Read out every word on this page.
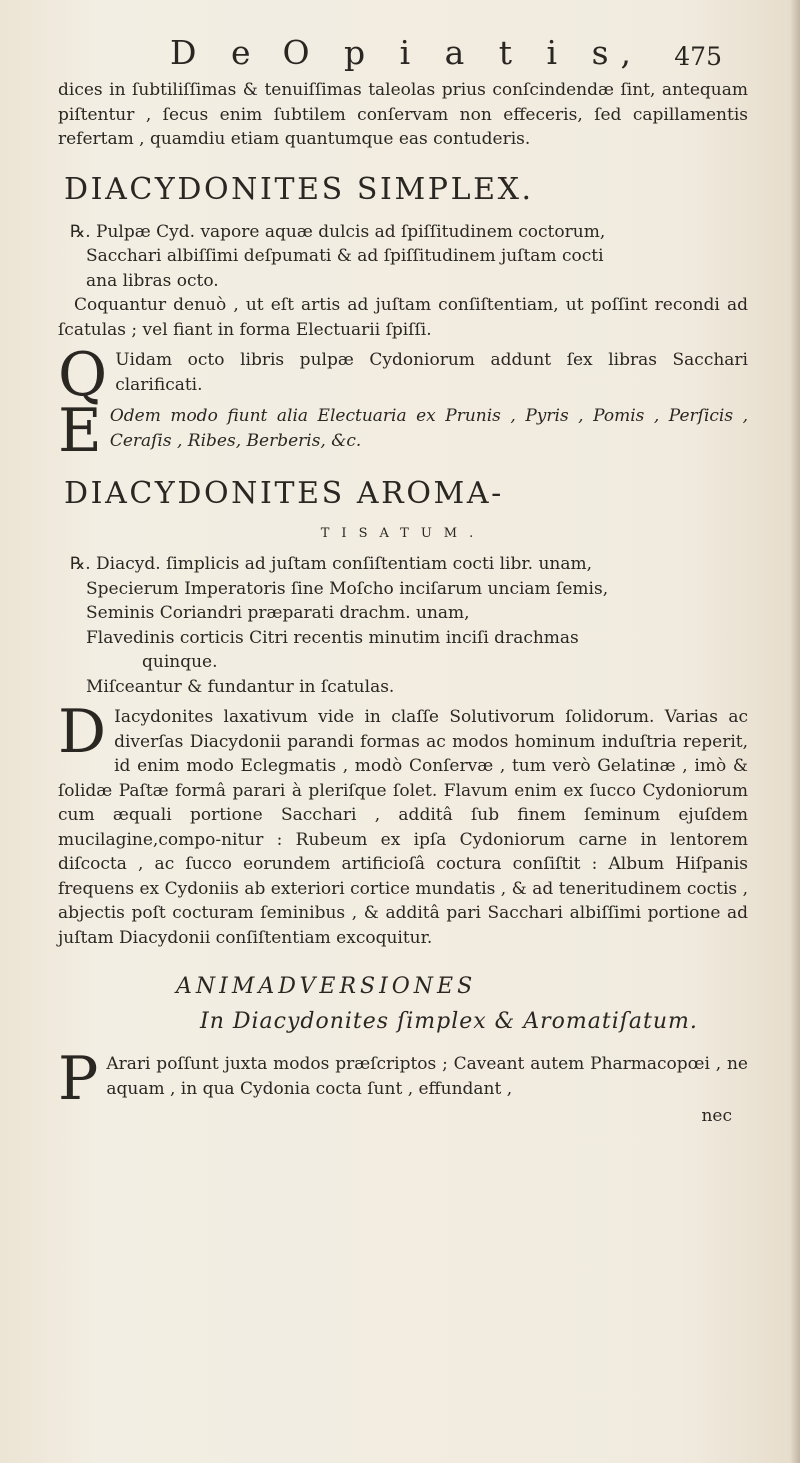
D e O p i a t i s, 475

dices in ſubtiliſſimas & tenuiſſimas taleolas prius conſcindendæ ſint, antequam piſtentur , ſecus enim ſubtilem conſervam non effeceris, ſed capillamentis refertam , quamdiu etiam quantumque eas contuderis.

DIACYDONITES SIMPLEX.

℞. Pulpæ Cyd. vapore aquæ dulcis ad ſpiſſitudinem coctorum,

Sacchari albiſſimi deſpumati & ad ſpiſſitudinem juſtam cocti

ana libras octo.

Coquantur denuò , ut eſt artis ad juſtam conſiſtentiam, ut poſſint recondi ad ſcatulas ; vel fiant in forma Electuarii ſpiſſi.

Q Uidam octo libris pulpæ Cydoniorum addunt ſex libras Sacchari clarificati.

E Odem modo fiunt alia Electuaria ex Prunis , Pyris , Pomis , Perſicis , Ceraſis , Ribes, Berberis, &c.

DIACYDONITES AROMA-
TISATUM.

℞. Diacyd. ſimplicis ad juſtam conſiſtentiam cocti libr. unam,

Specierum Imperatoris ſine Moſcho inciſarum unciam ſemis,

Seminis Coriandri præparati drachm. unam,

Flavedinis corticis Citri recentis minutim inciſi drachmas

quinque.

Miſceantur & fundantur in ſcatulas.

D Iacydonites laxativum vide in claſſe Solutivorum ſolidorum. Varias ac diverſas Diacydonii parandi formas ac modos hominum induſtria reperit, id enim modo Eclegmatis , modò Conſervæ , tum verò Gelatinæ , imò & ſolidæ Paſtæ formâ parari à pleriſque ſolet. Flavum enim ex ſucco Cydoniorum cum æquali portione Sacchari , additâ ſub finem ſeminum ejuſdem mucilagine,compo-nitur : Rubeum ex ipſa Cydoniorum carne in lentorem diſcocta , ac ſucco eorundem artificioſâ coctura conſiſtit : Album Hiſpanis frequens ex Cydoniis ab exteriori cortice mundatis , & ad teneritudinem coctis , abjectis poſt cocturam ſeminibus , & additâ pari Sacchari albiſſimi portione ad juſtam Diacydonii conſiſtentiam excoquitur.

ANIMADVERSIONES
In Diacydonites ſimplex & Aromatiſatum.
P Arari poſſunt juxta modos præſcriptos ; Caveant autem Pharmacopœi , ne aquam , in qua Cydonia cocta ſunt , effundant ,

nec
